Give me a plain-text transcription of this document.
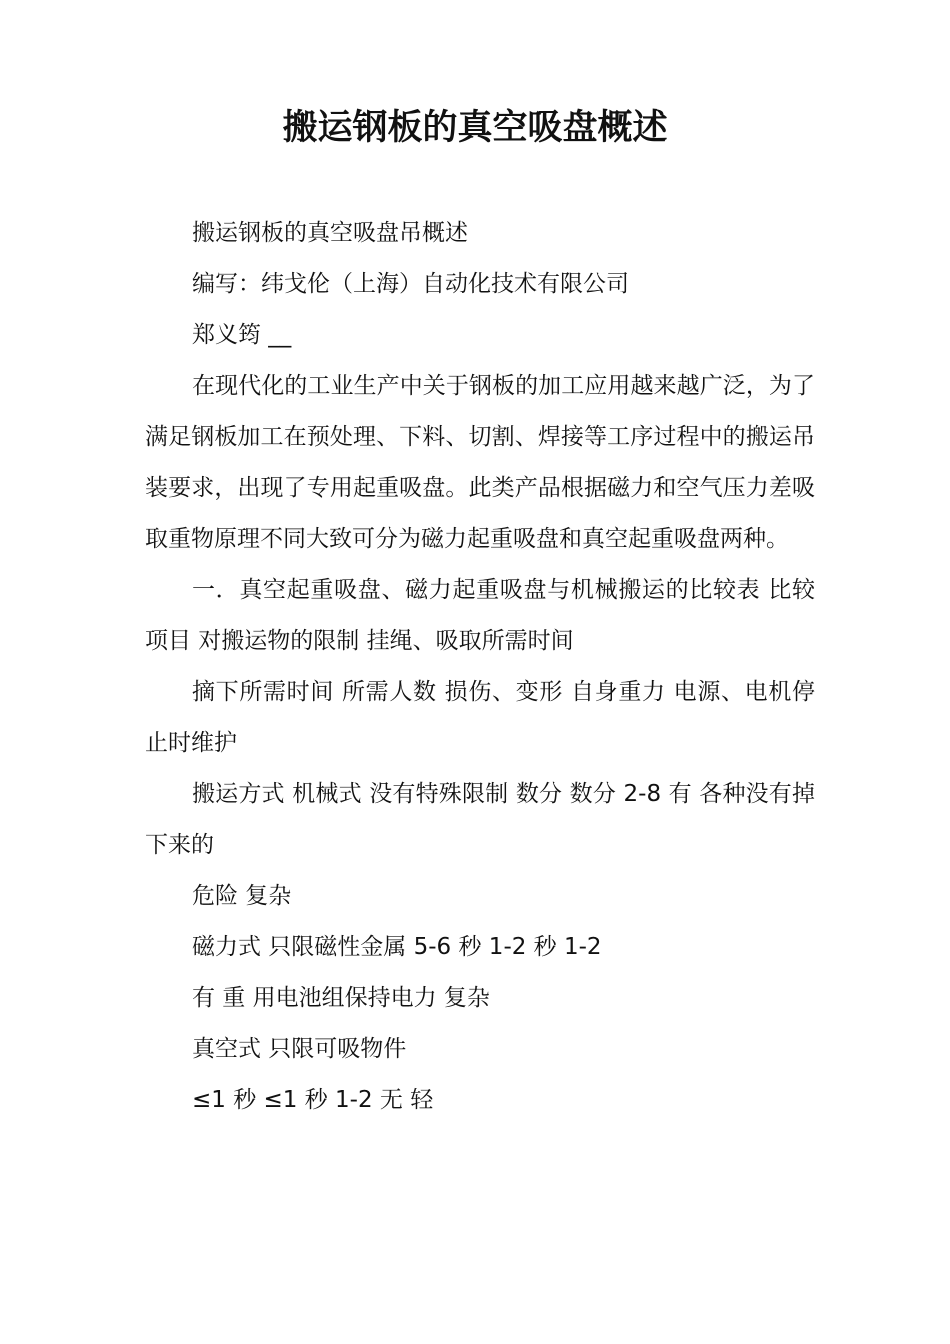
搬运钢板的真空吸盘概述

搬运钢板的真空吸盘吊概述

编写：纬戈伦（上海）自动化技术有限公司

郑义筠 __

在现代化的工业生产中关于钢板的加工应用越来越广泛，为了满足钢板加工在预处理、下料、切割、焊接等工序过程中的搬运吊装要求，出现了专用起重吸盘。此类产品根据磁力和空气压力差吸取重物原理不同大致可分为磁力起重吸盘和真空起重吸盘两种。

一．真空起重吸盘、磁力起重吸盘与机械搬运的比较表 比较项目 对搬运物的限制 挂绳、吸取所需时间

摘下所需时间 所需人数 损伤、变形 自身重力 电源、电机停止时维护

搬运方式 机械式 没有特殊限制 数分 数分 2-8 有 各种没有掉下来的

危险 复杂

磁力式 只限磁性金属 5-6 秒 1-2 秒 1-2

有 重 用电池组保持电力 复杂

真空式 只限可吸物件

≤1 秒 ≤1 秒 1-2 无 轻
